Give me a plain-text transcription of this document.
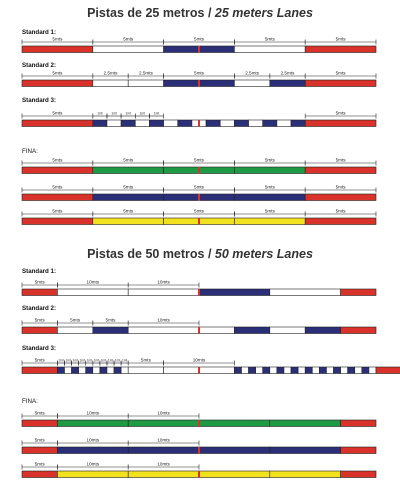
Pistas de 25 metros / 25 meters Lanes
Pistas de 50 metros / 50 meters Lanes
Standard 1:
Standard 2:
Standard 3:
FINA:
Standard 1:
Standard 2:
Standard 3:
FINA:
5mts	5mts	5mts	5mts	5mts
5mts	2.5mts	2.5mts	5mts	2.5mts	2.5mts	5mts
5mts	1mt	1mt	1mt	1mt	1mt	5mts
5mts	5mts	5mts	5mts	5mts
5mts	5mts	5mts	5mts	5mts
5mts	5mts	5mts	5mts	5mts
5mts	10mts	10mts
5mts	5mts	5mts	10mts
5mts	1mt 1mt 1mt 1mt 1mt 1mt 1mt 1mt 1mt 1mt	5mts	10mts
5mts	10mts	10mts
5mts	10mts	10mts
5mts	10mts	10mts
